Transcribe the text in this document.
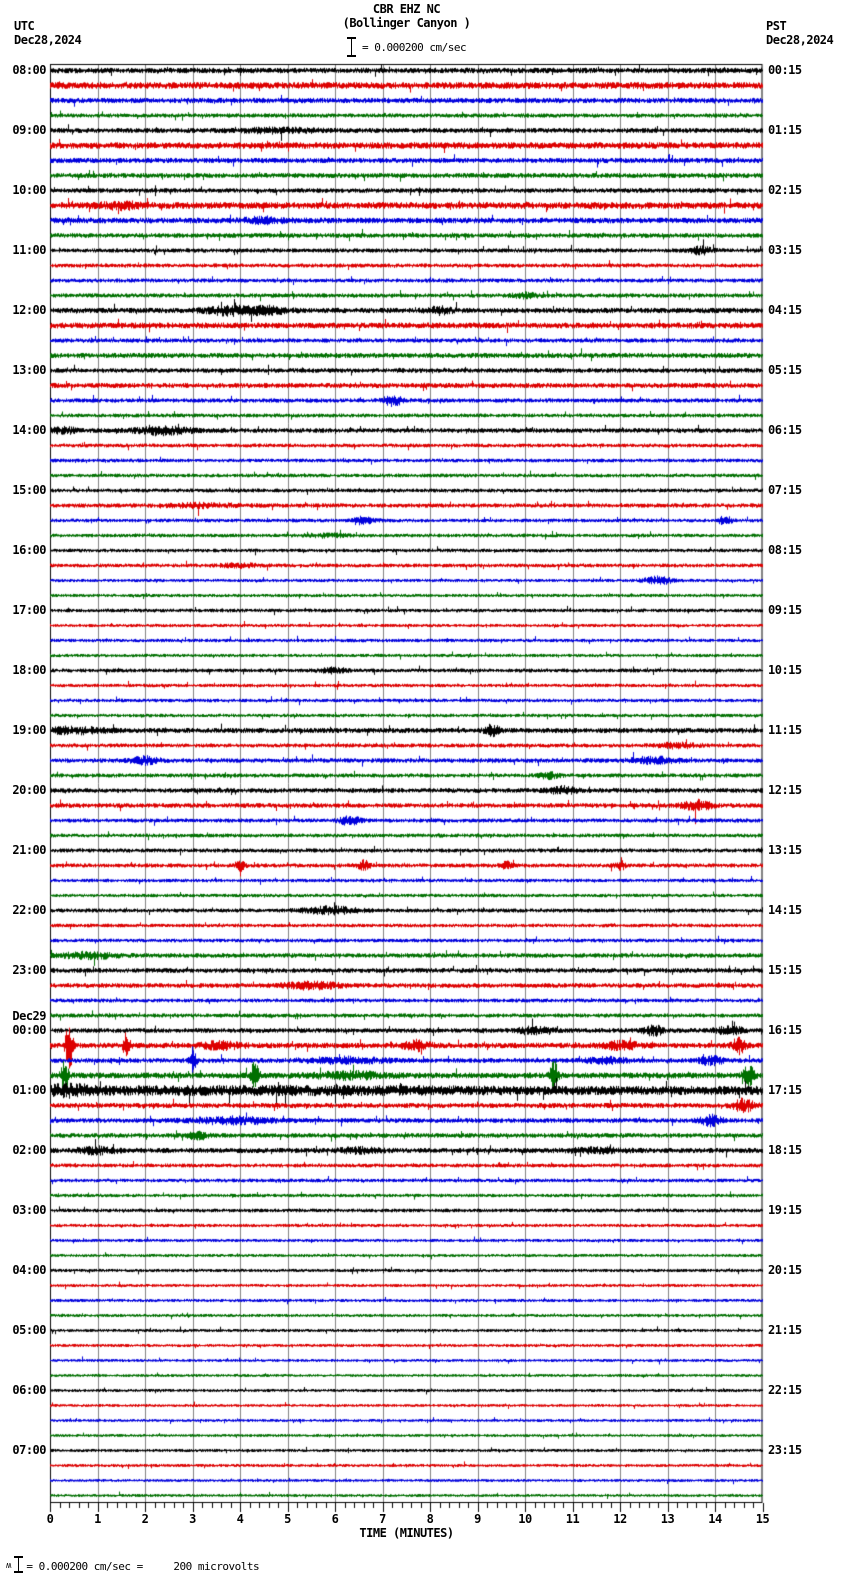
CBR EHZ NC
(Bollinger Canyon )
= 0.000200 cm/sec
UTC
Dec28,2024
PST
Dec28,2024
08:00	00:15
09:00	01:15
10:00	02:15
11:00	03:15
12:00	04:15
13:00	05:15
14:00	06:15
15:00	07:15
16:00	08:15
17:00	09:15
18:00	10:15
19:00	11:15
20:00	12:15
21:00	13:15
22:00	14:15
23:00	15:15
Dec29
00:00	16:15
01:00	17:15
02:00	18:15
03:00	19:15
04:00	20:15
05:00	21:15
06:00	22:15
07:00	23:15
0	1	2	3	4	5	6	7	8	9	10	11	12	13	14	15
TIME (MINUTES)
ʍ = 0.000200 cm/sec =     200 microvolts
